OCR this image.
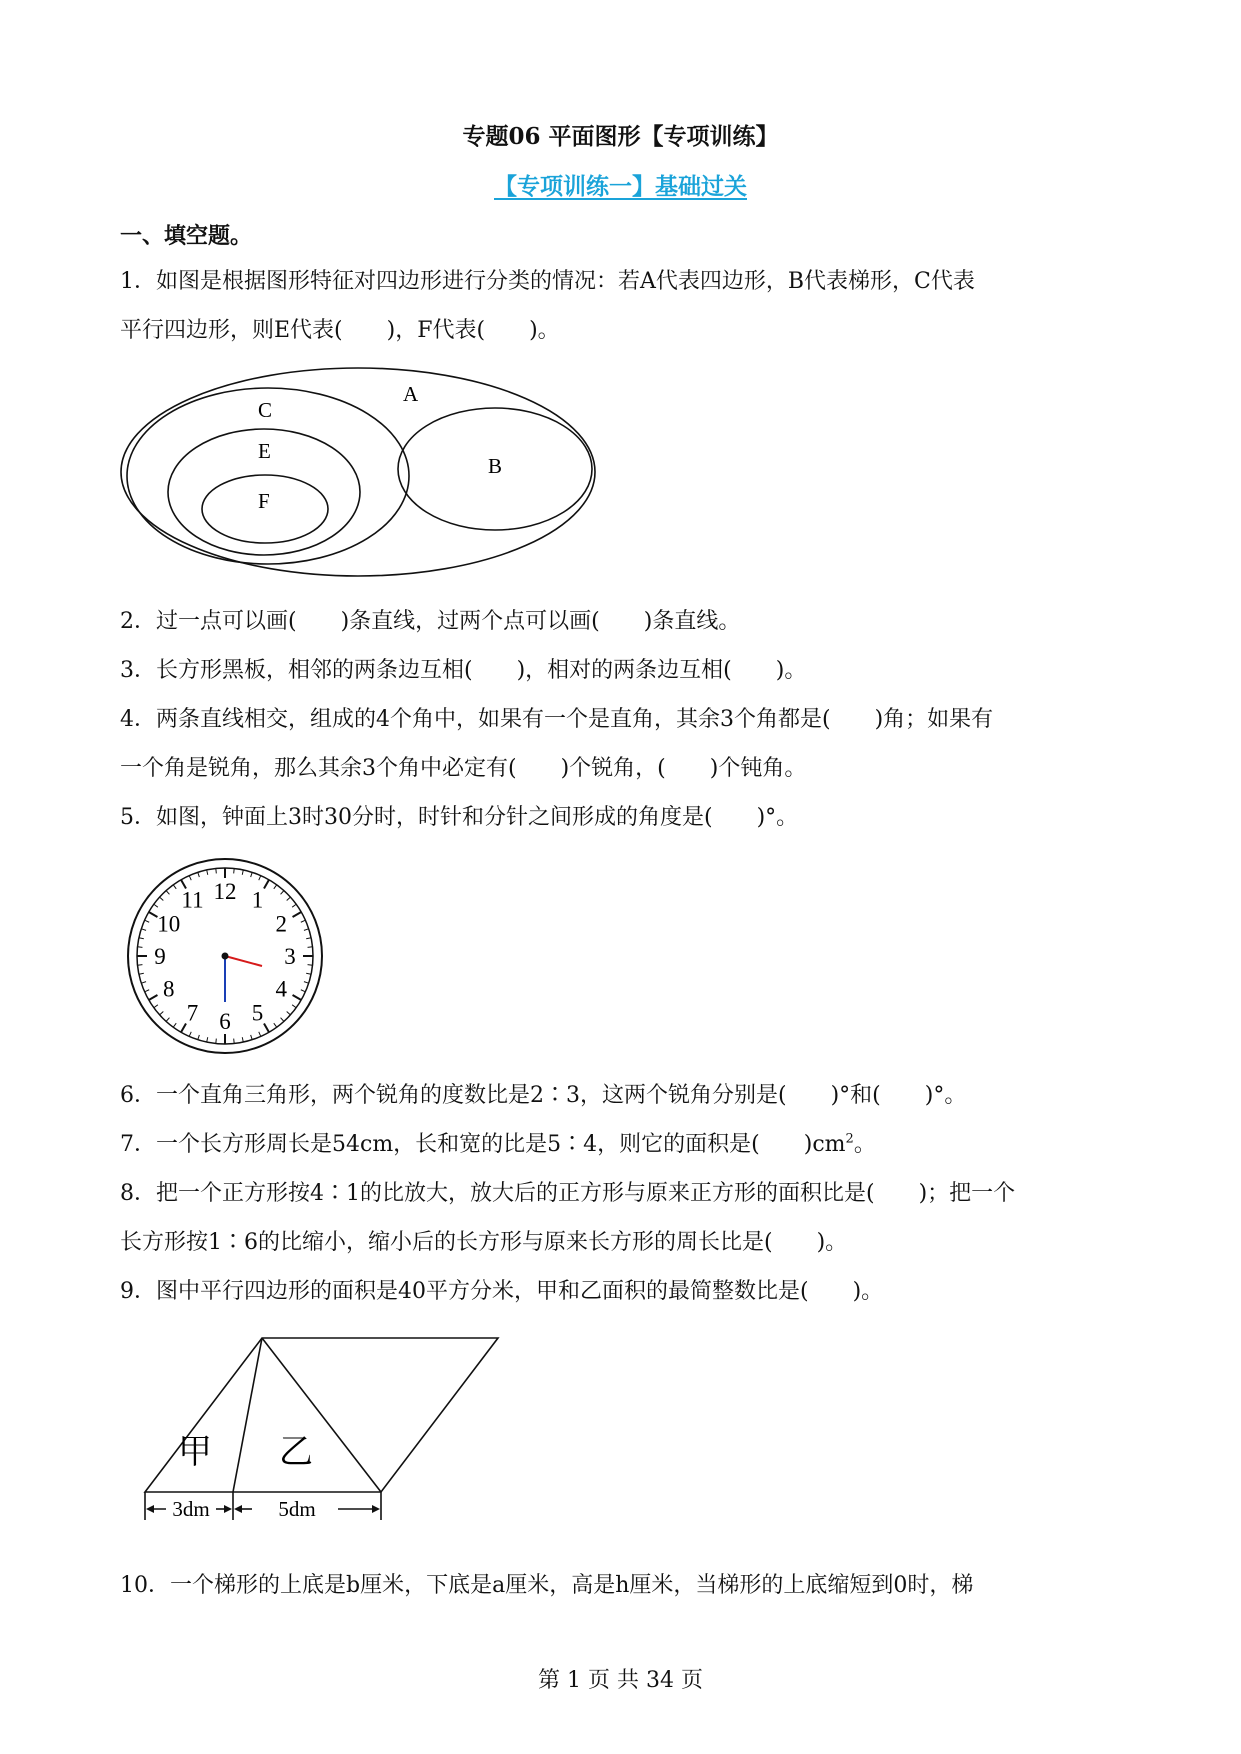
专题06 平面图形【专项训练】
【专项训练一】基础过关
一、填空题。
1．如图是根据图形特征对四边形进行分类的情况：若A代表四边形，B代表梯形，C代表
平行四边形，则E代表(　　)，F代表(　　)。
A
C
E
F
B
2．过一点可以画(　　)条直线，过两个点可以画(　　)条直线。
3．长方形黑板，相邻的两条边互相(　　)，相对的两条边互相(　　)。
4．两条直线相交，组成的4个角中，如果有一个是直角，其余3个角都是(　　)角；如果有
一个角是锐角，那么其余3个角中必定有(　　)个锐角，(　　)个钝角。
5．如图，钟面上3时30分时，时针和分针之间形成的角度是(　　)°。
12 1
2
3
4
5
6
7
8
9
10
11
6．一个直角三角形，两个锐角的度数比是2∶3，这两个锐角分别是(　　)°和(　　)°。
7．一个长方形周长是54cm，长和宽的比是5∶4，则它的面积是(　　)$cm^2$。
8．把一个正方形按4∶1的比放大，放大后的正方形与原来正方形的面积比是(　　)；把一个
长方形按1∶6的比缩小，缩小后的长方形与原来长方形的周长比是(　　)。
9．图中平行四边形的面积是40平方分米，甲和乙面积的最简整数比是(　　)。
甲 乙
3dm	5dm
10．一个梯形的上底是b厘米，下底是a厘米，高是h厘米，当梯形的上底缩短到0时，梯
第 1 页 共 34 页
